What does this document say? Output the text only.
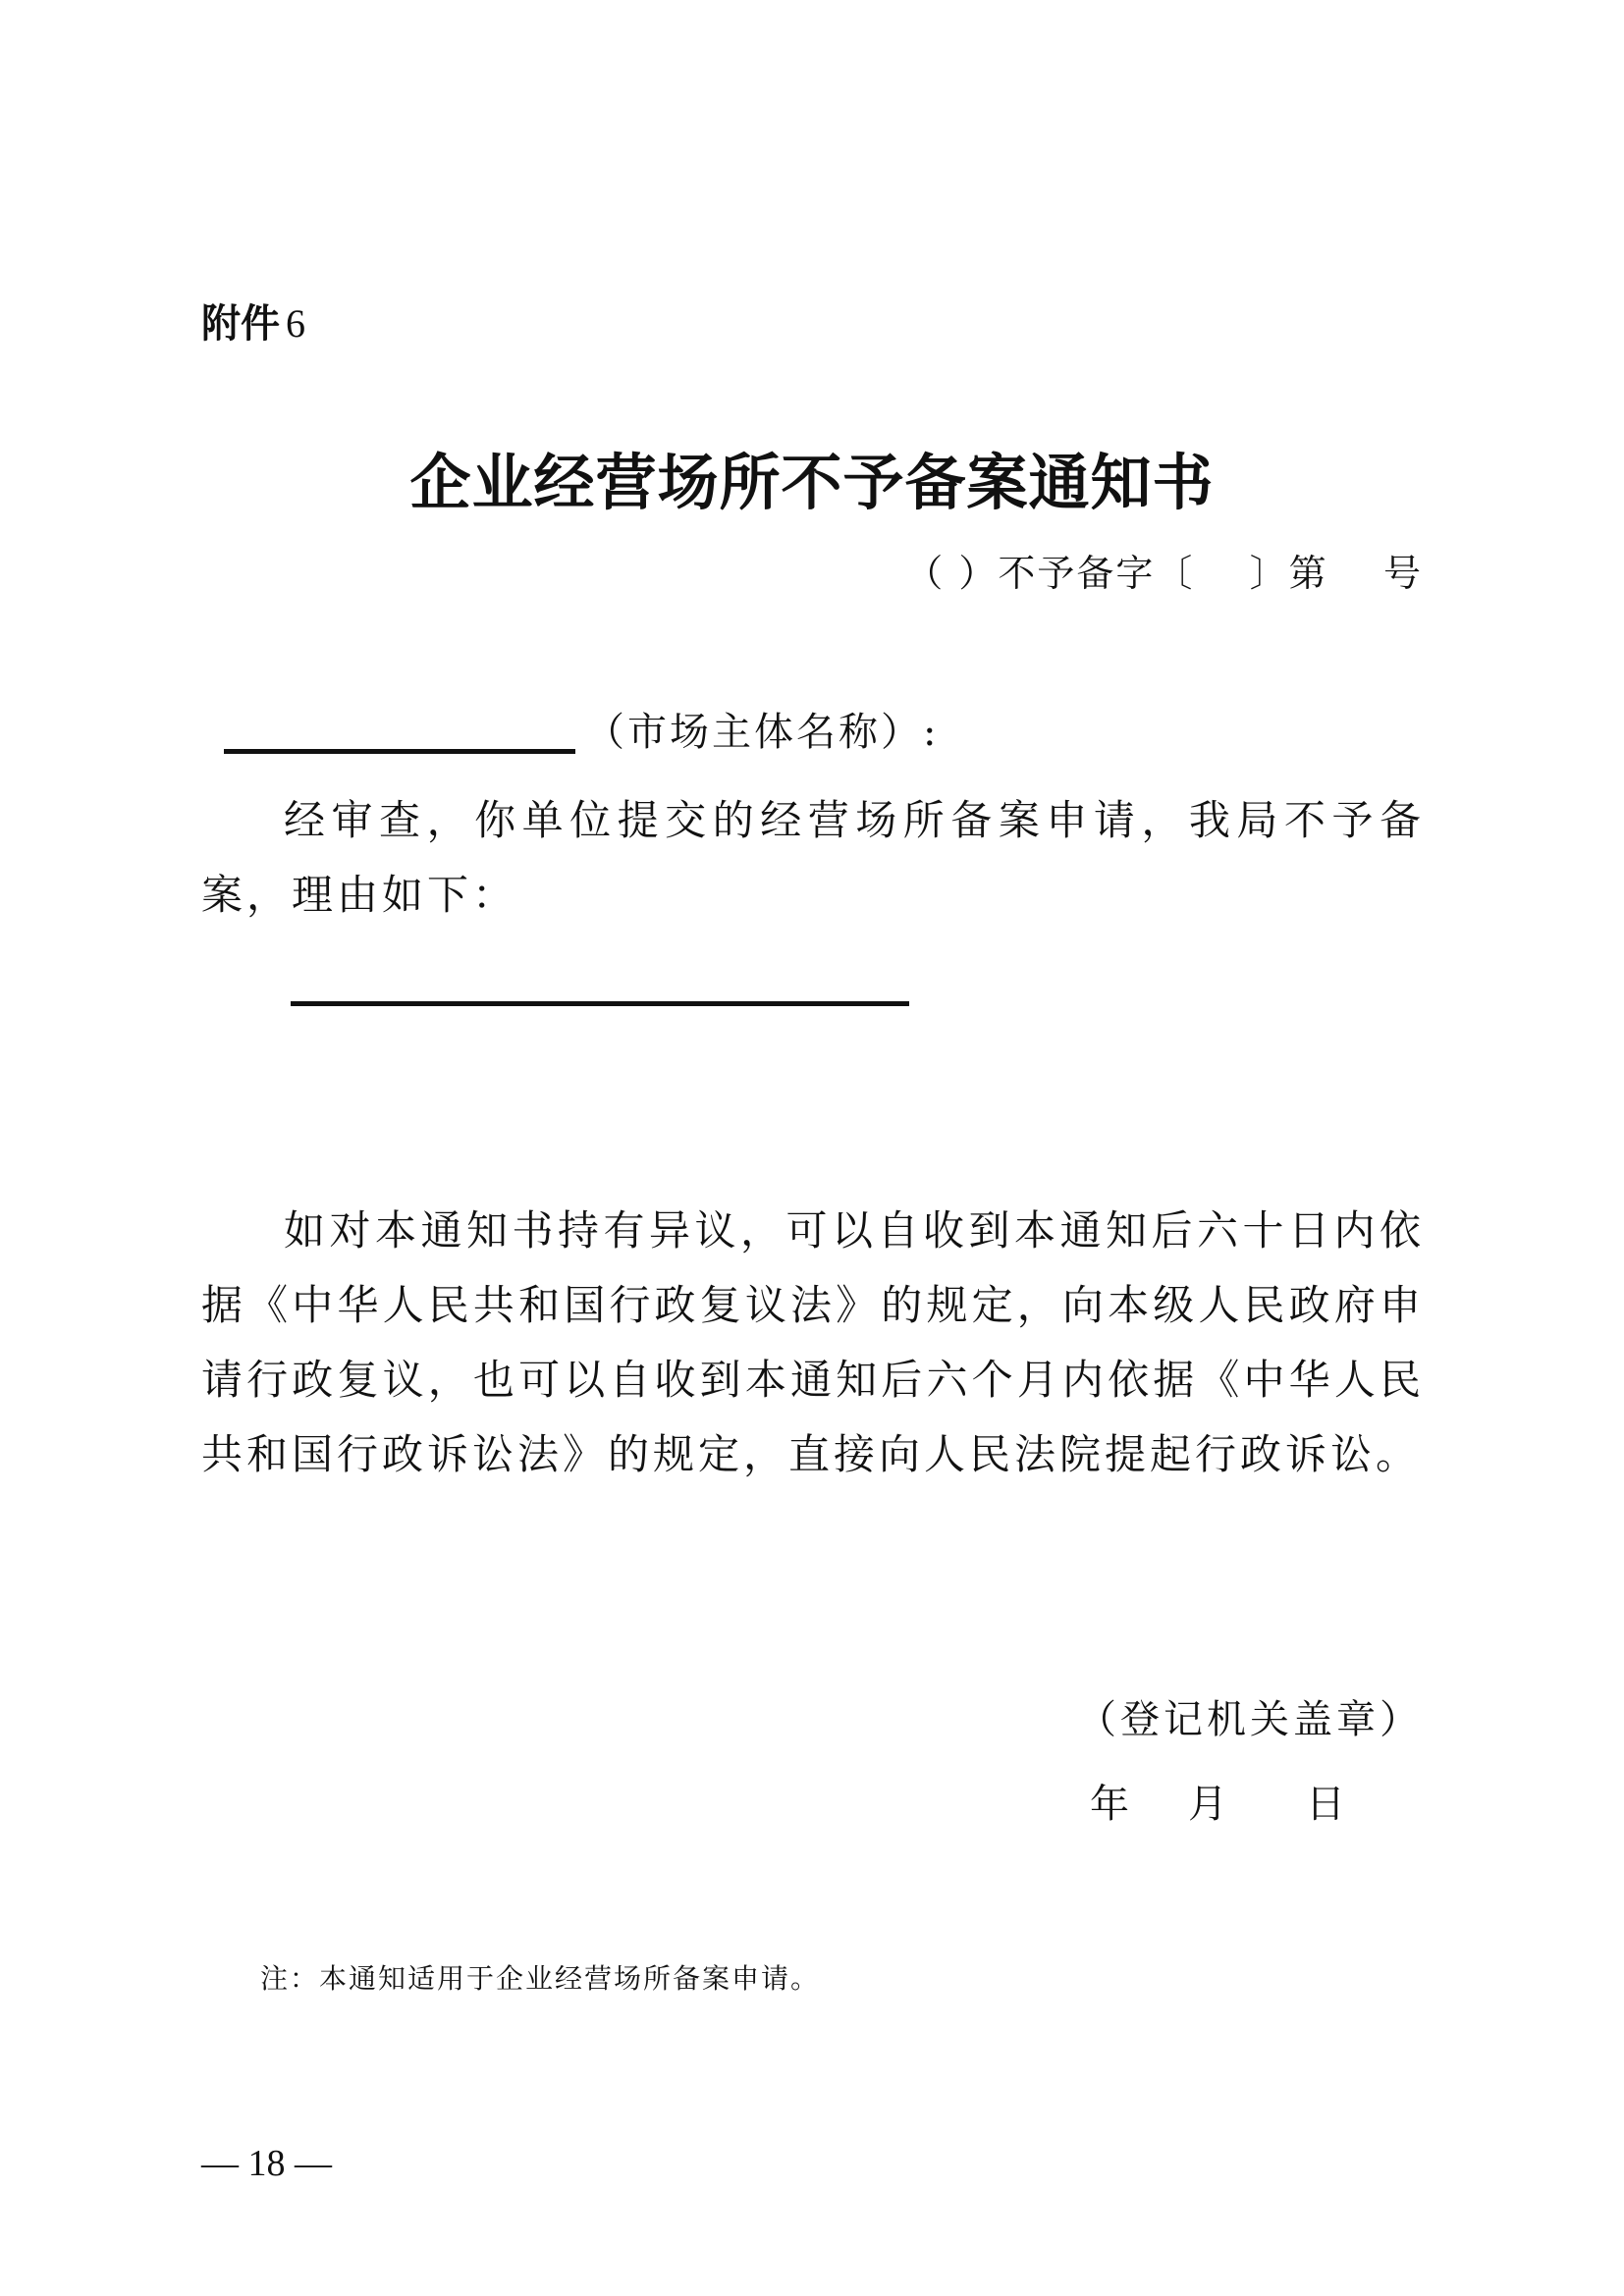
附件 6
企业经营场所不予备案通知书
（ ）不予备字〔    〕第    号
（市场主体名称）:

经审查，你单位提交的经营场所备案申请，我局不予备案，理由如下：

如对本通知书持有异议，可以自收到本通知后六十日内依据《中华人民共和国行政复议法》的规定，向本级人民政府申请行政复议，也可以自收到本通知后六个月内依据《中华人民共和国行政诉讼法》的规定，直接向人民法院提起行政诉讼。

（登记机关盖章）
年 月 日
注：本通知适用于企业经营场所备案申请。
— 18 —
